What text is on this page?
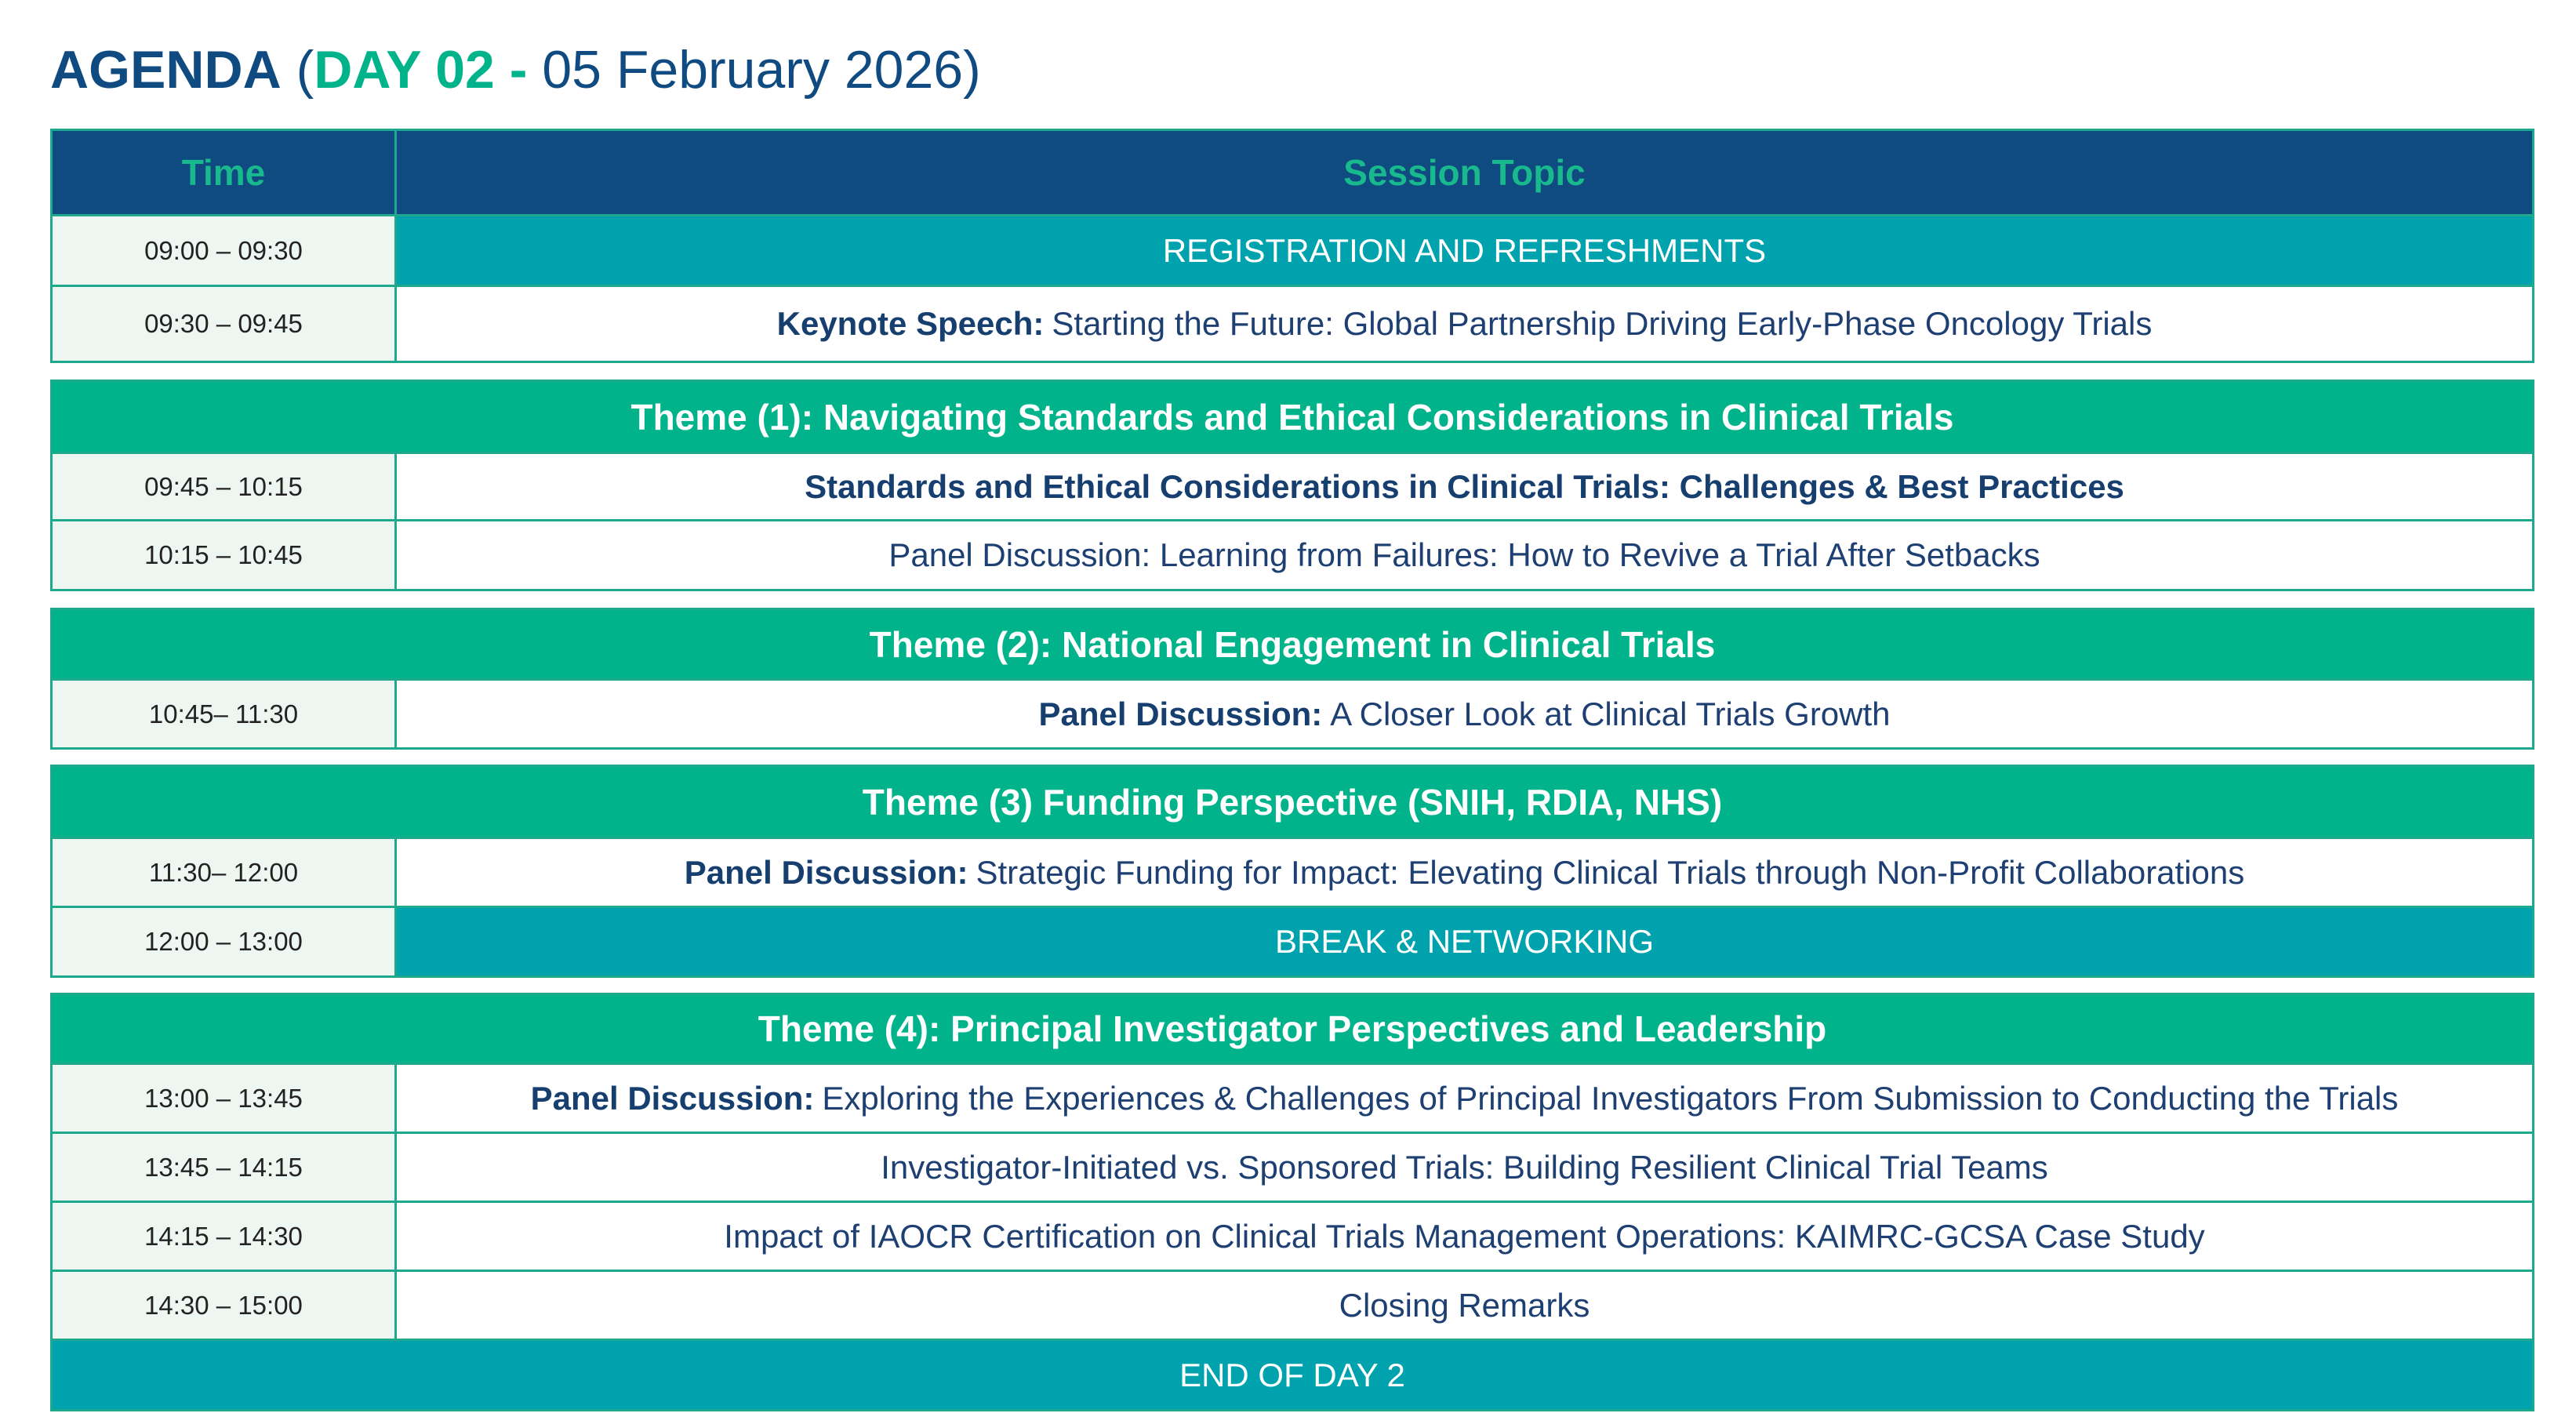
AGENDA (DAY 02 - 05 February 2026)
Time	Session Topic
09:00 – 09:30	REGISTRATION AND REFRESHMENTS
09:30 – 09:45	Keynote Speech: Starting the Future: Global Partnership Driving Early-Phase Oncology Trials
Theme (1): Navigating Standards and Ethical Considerations in Clinical Trials
09:45 – 10:15	Standards and Ethical Considerations in Clinical Trials: Challenges & Best Practices
10:15 – 10:45	Panel Discussion: Learning from Failures: How to Revive a Trial After Setbacks
Theme (2): National Engagement in Clinical Trials
10:45– 11:30	Panel Discussion: A Closer Look at Clinical Trials Growth
Theme (3) Funding Perspective (SNIH, RDIA, NHS)
11:30– 12:00	Panel Discussion: Strategic Funding for Impact: Elevating Clinical Trials through Non-Profit Collaborations
12:00 – 13:00	BREAK & NETWORKING
Theme (4): Principal Investigator Perspectives and Leadership
13:00 – 13:45	Panel Discussion: Exploring the Experiences & Challenges of Principal Investigators From Submission to Conducting the Trials
13:45 – 14:15	Investigator-Initiated vs. Sponsored Trials: Building Resilient Clinical Trial Teams
14:15 – 14:30	Impact of IAOCR Certification on Clinical Trials Management Operations: KAIMRC-GCSA Case Study
14:30 – 15:00	Closing Remarks
END OF DAY 2
